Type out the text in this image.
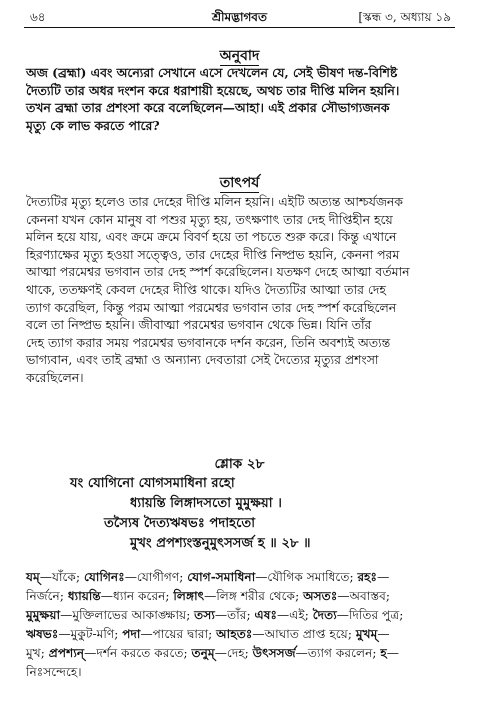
৬৪	শ্রীমদ্ভাগবত	[স্কন্ধ ৩, অধ্যায় ১৯
অনুবাদ
অজ (ব্রহ্মা) এবং অন্যেরা সেখানে এসে দেখলেন যে, সেই ভীষণ দন্ত-বিশিষ্ট
দৈত্যটি তার অধর দংশন করে ধরাশায়ী হয়েছে, অথচ তার দীপ্তি মলিন হয়নি।
তখন ব্রহ্মা তার প্রশংসা করে বলেছিলেন—আহা। এই প্রকার সৌভাগ্যজনক
মৃত্যু কে লাভ করতে পারে?
তাৎপর্য
দৈত্যটির মৃত্যু হলেও তার দেহের দীপ্তি মলিন হয়নি। এইটি অত্যন্ত আশ্চর্যজনক
কেননা যখন কোন মানুষ বা পশুর মৃত্যু হয়, তৎক্ষণাৎ তার দেহ দীপ্তিহীন হয়ে
মলিন হয়ে যায়, এবং ক্রমে ক্রমে বিবর্ণ হয়ে তা পচতে শুরু করে। কিন্তু এখানে
হিরণ্যাক্ষের মৃত্যু হওয়া সত্ত্বেও, তার দেহের দীপ্তি নিষ্প্রভ হয়নি, কেননা পরম
আত্মা পরমেশ্বর ভগবান তার দেহ স্পর্শ করেছিলেন। যতক্ষণ দেহে আত্মা বর্তমান
থাকে, ততক্ষণই কেবল দেহের দীপ্তি থাকে। যদিও দৈত্যটির আত্মা তার দেহ
ত্যাগ করেছিল, কিন্তু পরম আত্মা পরমেশ্বর ভগবান তার দেহ স্পর্শ করেছিলেন
বলে তা নিষ্প্রভ হয়নি। জীবাত্মা পরমেশ্বর ভগবান থেকে ভিন্ন। যিনি তাঁর
দেহ ত্যাগ করার সময় পরমেশ্বর ভগবানকে দর্শন করেন, তিনি অবশ্যই অত্যন্ত
ভাগ্যবান, এবং তাই ব্রহ্মা ও অন্যান্য দেবতারা সেই দৈত্যের মৃত্যুর প্রশংসা
করেছিলেন।
শ্লোক ২৮
যং যোগিনো যোগসমাধিনা রহো
ধ্যায়ন্তি লিঙ্গাদসতো মুমুক্ষয়া ।
তস্যৈষ দৈত্যঋষভঃ পদাহতো
মুখং প্রপশ্যংস্তনুমুৎসসর্জ হ ॥ ২৮ ॥
যম্—যাঁকে; যোগিনঃ—যোগীগণ; যোগ-সমাধিনা—যৌগিক সমাধিতে; রহঃ—
নির্জনে; ধ্যায়ন্তি—ধ্যান করেন; লিঙ্গাৎ—লিঙ্গ শরীর থেকে; অসতঃ—অবাস্তব;
মুমুক্ষয়া—মুক্তিলাভের আকাঙ্ক্ষায়; তস্য—তাঁর; এষঃ—এই; দৈত্য—দিতির পুত্র;
ঋষভঃ—মুকুট-মণি; পদা—পায়ের দ্বারা; আহতঃ—আঘাত প্রাপ্ত হয়ে; মুখম্—
মুখ; প্রপশ্যন্—দর্শন করতে করতে; তনুম্—দেহ; উৎসসর্জ—ত্যাগ করলেন; হ—
নিঃসন্দেহে।
